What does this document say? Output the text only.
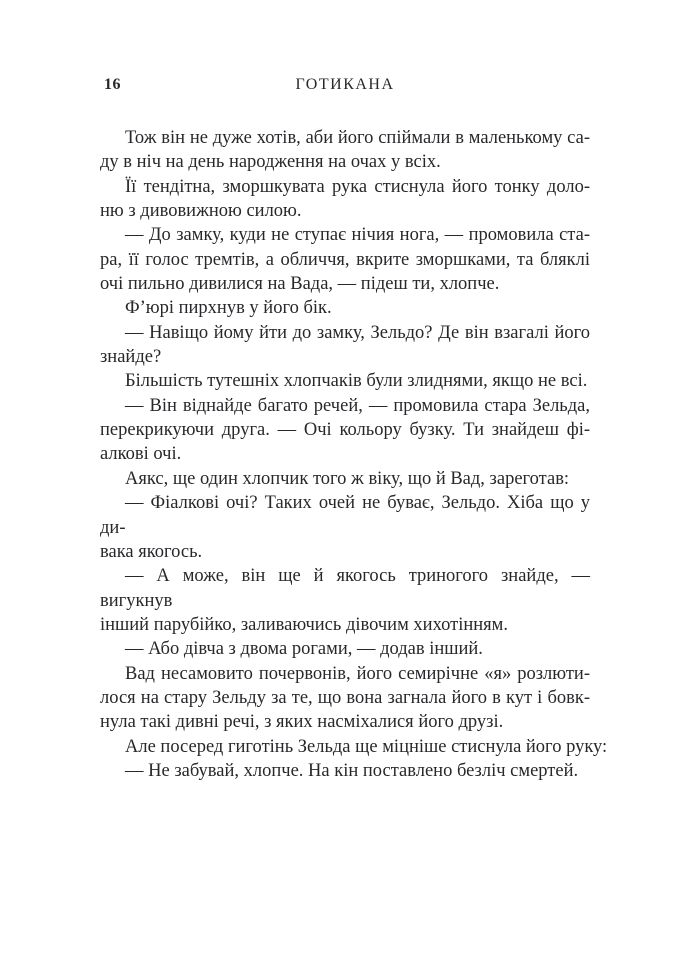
16	ГОТИКАНА

Тож він не дуже хотів, аби його спіймали в маленькому са-
ду в ніч на день народження на очах у всіх.

Її тендітна, зморшкувата рука стиснула його тонку доло-
ню з дивовижною силою.

— До замку, куди не ступає нічия нога, — промовила ста-
ра, її голос тремтів, а обличчя, вкрите зморшками, та бляклі
очі пильно дивилися на Вада, — підеш ти, хлопче.

Ф’юрі пирхнув у його бік.

— Навіщо йому йти до замку, Зельдо? Де він взагалі його
знайде?

Більшість тутешніх хлопчаків були злиднями, якщо не всі.

— Він віднайде багато речей, — промовила стара Зельда,
перекрикуючи друга. — Очі кольору бузку. Ти знайдеш фі-
алкові очі.

Аякс, ще один хлопчик того ж віку, що й Вад, зареготав:

— Фіалкові очі? Таких очей не буває, Зельдо. Хіба що у ди-
вака якогось.

— А може, він ще й якогось триногого знайде, — вигукнув
інший парубійко, заливаючись дівочим хихотінням.

— Або дівча з двома рогами, — додав інший.

Вад несамовито почервонів, його семирічне «я» розлюти-
лося на стару Зельду за те, що вона загнала його в кут і бовк-
нула такі дивні речі, з яких насміхалися його друзі.

Але посеред гиготінь Зельда ще міцніше стиснула його руку:

— Не забувай, хлопче. На кін поставлено безліч смертей.
